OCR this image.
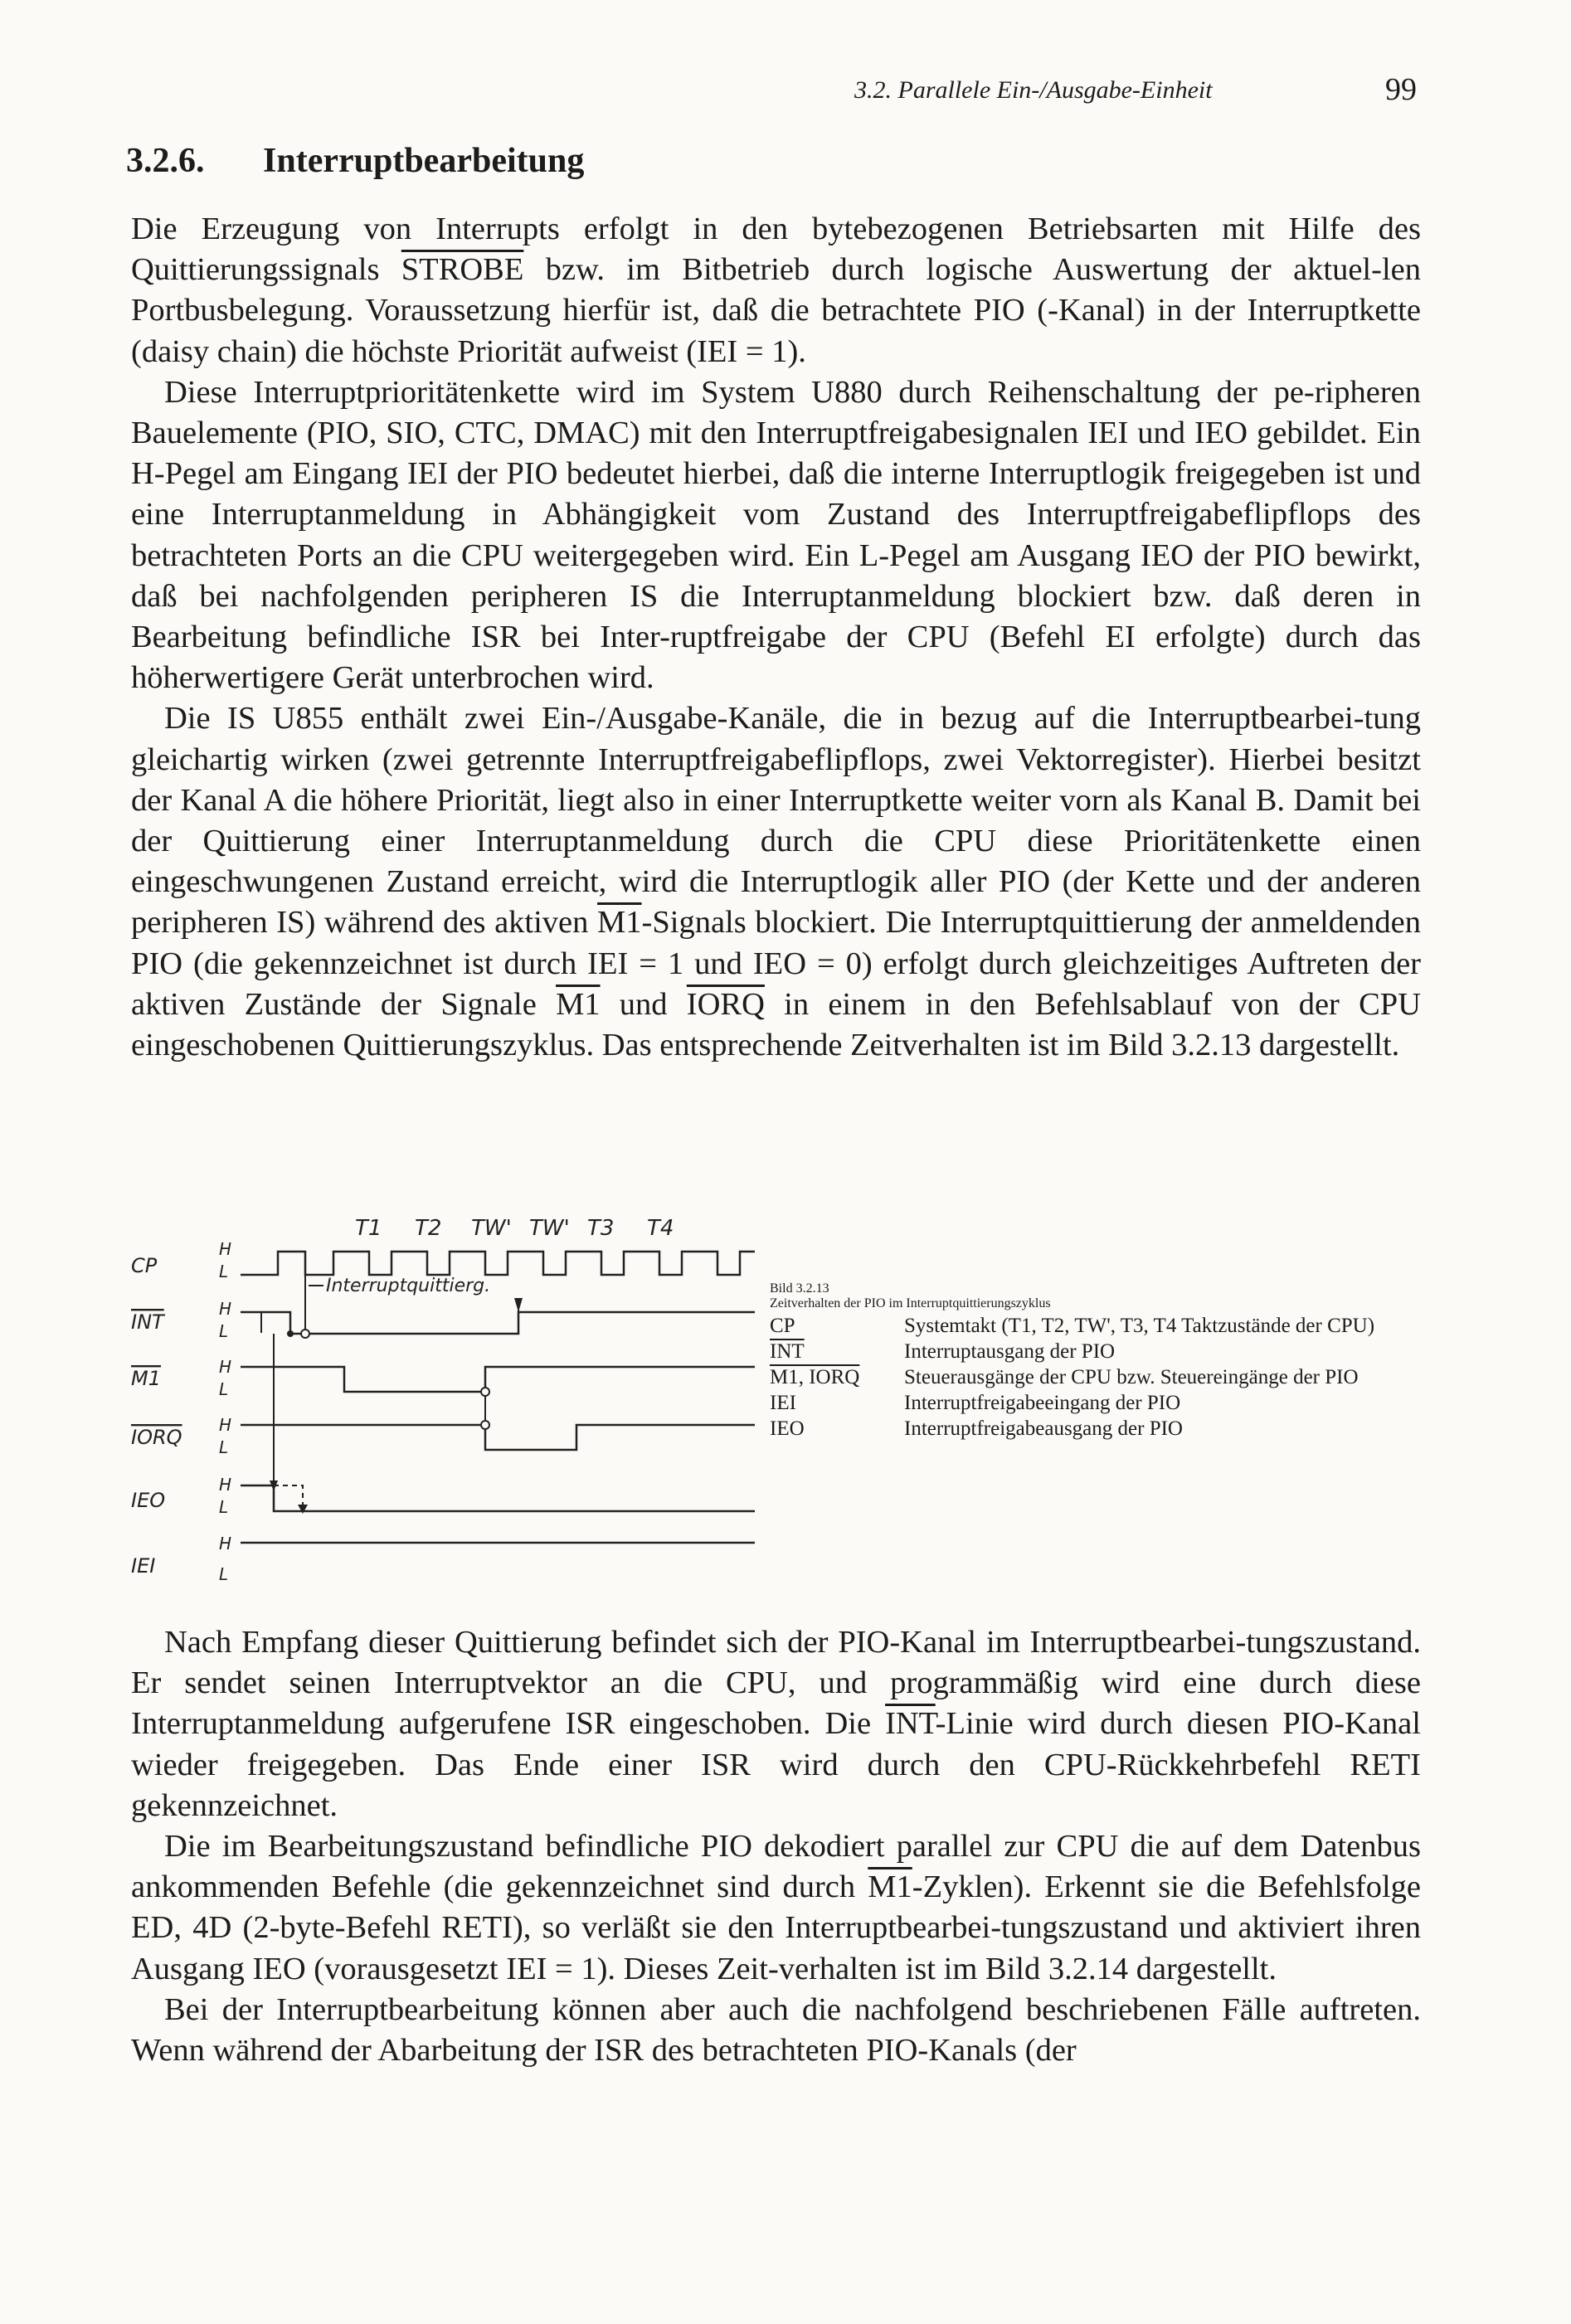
3.2. Parallele Ein-/Ausgabe-Einheit	99
3.2.6. Interruptbearbeitung

Die Erzeugung von Interrupts erfolgt in den bytebezogenen Betriebsarten mit Hilfe des Quittierungssignals STROBE bzw. im Bitbetrieb durch logische Auswertung der aktuel-len Portbusbelegung. Voraussetzung hierfür ist, daß die betrachtete PIO (-Kanal) in der Interruptkette (daisy chain) die höchste Priorität aufweist (IEI = 1).

Diese Interruptprioritätenkette wird im System U880 durch Reihenschaltung der pe-ripheren Bauelemente (PIO, SIO, CTC, DMAC) mit den Interruptfreigabesignalen IEI und IEO gebildet. Ein H-Pegel am Eingang IEI der PIO bedeutet hierbei, daß die interne Interruptlogik freigegeben ist und eine Interruptanmeldung in Abhängigkeit vom Zustand des Interruptfreigabeflipflops des betrachteten Ports an die CPU weitergegeben wird. Ein L-Pegel am Ausgang IEO der PIO bewirkt, daß bei nachfolgenden peripheren IS die Interruptanmeldung blockiert bzw. daß deren in Bearbeitung befindliche ISR bei Inter-ruptfreigabe der CPU (Befehl EI erfolgte) durch das höherwertigere Gerät unterbrochen wird.

Die IS U855 enthält zwei Ein-/Ausgabe-Kanäle, die in bezug auf die Interruptbearbei-tung gleichartig wirken (zwei getrennte Interruptfreigabeflipflops, zwei Vektorregister). Hierbei besitzt der Kanal A die höhere Priorität, liegt also in einer Interruptkette weiter vorn als Kanal B. Damit bei der Quittierung einer Interruptanmeldung durch die CPU diese Prioritätenkette einen eingeschwungenen Zustand erreicht, wird die Interruptlogik aller PIO (der Kette und der anderen peripheren IS) während des aktiven M1-Signals blockiert. Die Interruptquittierung der anmeldenden PIO (die gekennzeichnet ist durch IEI = 1 und IEO = 0) erfolgt durch gleichzeitiges Auftreten der aktiven Zustände der Signale M1 und IORQ in einem in den Befehlsablauf von der CPU eingeschobenen Quittierungszyklus. Das entsprechende Zeitverhalten ist im Bild 3.2.13 dargestellt.

T1 T2 TW' TW' T3 T4
CP
INT
M1
IORQ
IEO
IEI
H
L
H
L
H
L
H
L
H
L
H
L
Interruptquittierg.	Bild 3.2.13
Zeitverhalten der PIO im Interruptquittierungszyklus
CP	Systemtakt (T1, T2, TW', T3, T4 Taktzustände der CPU)
$\overline{INT}$	Interruptausgang der PIO
M1, IORQ	Steuerausgänge der CPU bzw. Steuereingänge der PIO
IEI	Interruptfreigabeeingang der PIO
IEO	Interruptfreigabeausgang der PIO

Nach Empfang dieser Quittierung befindet sich der PIO-Kanal im Interruptbearbei-tungszustand. Er sendet seinen Interruptvektor an die CPU, und programmäßig wird eine durch diese Interruptanmeldung aufgerufene ISR eingeschoben. Die $\overline{INT}$-Linie wird durch diesen PIO-Kanal wieder freigegeben. Das Ende einer ISR wird durch den CPU-Rückkehrbefehl RETI gekennzeichnet.

Die im Bearbeitungszustand befindliche PIO dekodiert parallel zur CPU die auf dem Datenbus ankommenden Befehle (die gekennzeichnet sind durch M1-Zyklen). Erkennt sie die Befehlsfolge ED, 4D (2-byte-Befehl RETI), so verläßt sie den Interruptbearbei-tungszustand und aktiviert ihren Ausgang IEO (vorausgesetzt IEI = 1). Dieses Zeit-verhalten ist im Bild 3.2.14 dargestellt.

Bei der Interruptbearbeitung können aber auch die nachfolgend beschriebenen Fälle auftreten. Wenn während der Abarbeitung der ISR des betrachteten PIO-Kanals (der
